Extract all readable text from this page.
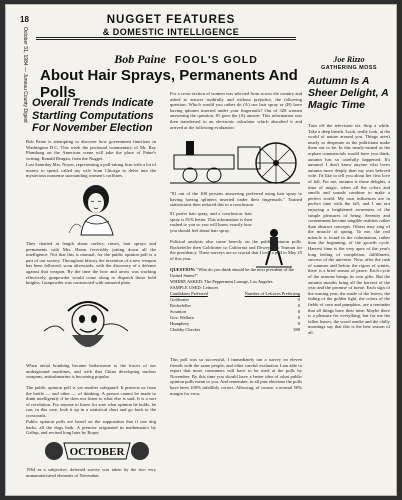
18
October 31, 1984 — Juneau County Digest
NUGGET FEATURES
& DOMESTIC INTELLIGENCE
Bob Paine FOOL'S GOLD
About Hair Sprays, Permanents And Polls
Overall Trends Indicate
Startling Computations
For November Election
Bob Paine is attempting to discover how government functions in Washington D.C. This week the profound commentary of Mr. Ray Plansburg on the American scene will take the place of Paine's writing. Ronald Reagan, from the Nugget.
Last Saturday Mrs. Noyes, representing a poll-taking firm with a lot of money to spend, called my wife from Chicago to delve into the mysterious nonsense surrounding women's coiffures.
They chatted at length about curlers, rinses, hair sprays and permanents with Mrs. Hearn feverishly jotting down all the intelligence. Not that this is unusual, for the public opinion poll is a part of our society. Throughout history the invention of a new weapon has been followed, soon afterwards, with the discovery of a defense against that weapon. By the time the bow and arrow was working effectively, gunpowder would come along to dispatch those bold knights. Gunpowder was constructed with armored plate.
When aerial bombing became bothersome to the forces of our underground machines, and with that China developing nuclear weapons, antisubmarine is becoming popular.
The public opinion poll is yet another safeguard. It protects us from the bottle — and other — of thinking. A person cannot be made to think intelligently if he does not listen to what else is said. It is a sort of revolution. For anyone to know for sure what opinion he holds, he can, in this case, look it up in a statistical chart and go back to the crossroads.
Public opinion polls are based on the supposition that if one dog barks, all the dogs bark. A premise originated in mathematics by Gallup, and revised long later by Roper.
OCTOBER
1964 as a subjective, deferred survey was taken by the two very unmanufactured elements of November.
For a cross-section of women was selected from across the country and asked to answer truthfully and without prejudice, the following question: Which would you rather do (A) use hair spray or (B) have having iphones inserted under your fingernails? Out of 328 women answering the question, 81 gave the (A) answer. This information was then transferred to an electronic calculator which absorbed it and arrived at the following evaluation:
"81 out of the 100 persons answering preferred using hair spray to having having splinters inserted under their fingernails." Trained statisticians then reduced this to a conclusion:
81 prefer hair spray, and a conclusion: hair spray is 81% better. This information is then rushed to you so you will know exactly how you should feel about hair spray.
Political analysts also come heavily on the public opinion polls. Rockefeller then Goldwater to California and Dewey beat Truman for the presidency. These surveys are so crucial that I took a poll to May 25 of this year.
QUESTION: "Who do you think should be the next president of the United States?"
WHERE ASKED: The Peppermint Lounge, Los Angeles
SAMPLE USED: Lettuces
Candidates Preferred	Number of Lettuces Preferring
Goldwater	0
Rockefeller	0
Scranton	0
Gov. Wallace	0
Humphrey	0
Chubby Checker	380
This poll was so successful, I immediately ran a survey on eleven friends with the same people, and other careful evaluation I am able to report that more consumers will have to be used at the polls by November. By this time you should have a better idea of what public opinion polls mean to you. And remember, in all past elections the polls have been 100% infallibly correct. Allowing, of course, a normal 50% margin for error.
Joe Rizzo
GATHERING MOSS
Autumn Is A Sheer Delight, A Magic Time
Turn off the television set. Stop a while. Take a deep breath. Look, really look, at the world of nature around you. Things aren't nearly so desperate as the politicians make them out to be. In this nearly-ruined as the orphan commercials would have you think, autumn has so carefully happened. It's autumn! I don't know anyone who loves autumn more deeply than my own beloved wife. I'd like to tell you about her first love of fall. For me, autumn is those delights, a time of magic, when all the colors and smells and sounds combine to make a perfect world. My own influences are in perfect tune with the fall, and I am not enjoying a heightened awareness of the simple pleasures of being. Serenity and contentment become tangible realities rather than abstract concepts. Others may sing of the miracle of spring. To me, the real miracle is found in the culmination, rather than the beginning, of the growth cycle. Harvest time is the very apex of the year's long feeling of completion, fulfillment, success of the universe. Now, after the rush of summer and before the rigors of winter, there is a brief season of peace. Each cycle of the seasons brings its own gifts. But the autumn months bring all the harvest of the year and the promise of home. Each sign of the waning year, the rustle of the leaves, the fading of the golden light, the colors of the fields of corn and pumpkins, are a reminder that all things have their time. Maybe there is a pleasure for everything, but for me the fallen leaves, the wood smoke and the chilly mornings say that this is the best season of all.
